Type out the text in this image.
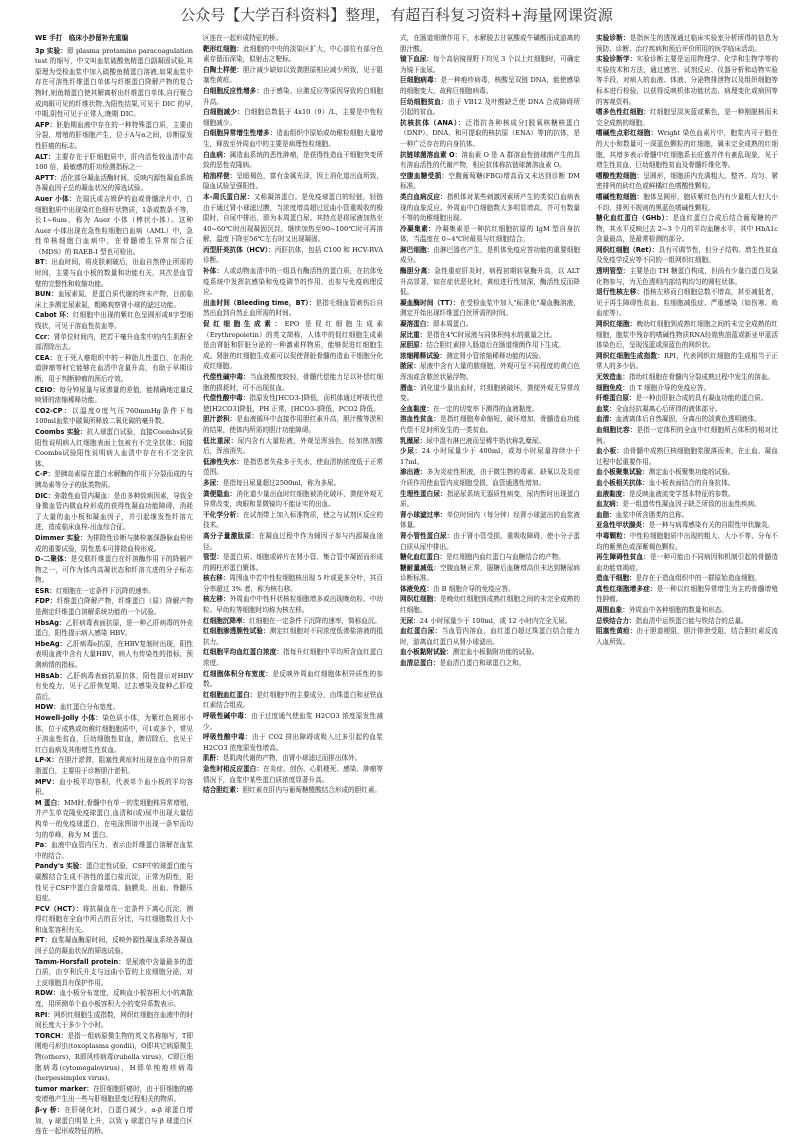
公众号【大学百科资料】整理，有超百科复习资料+海量网课资源
WE 手打　临床小抄留补充重编

3p 实验：即 plasma protamine paracoagulation test 的缩写，中文叫血浆硫酸鱼精蛋白副凝固试验,其原理为受检血浆中加入硫酸鱼精蛋白溶液,如果血浆中存在可溶性纤维蛋白单体与纤维蛋白降解产物的复合物时,则鱼精蛋白使其解离析出纤维蛋白单体,自行聚合成肉眼可见的纤维状物,为阳性结果,可见于 DIC 的早,中期,阴性可见于正常人,晚期 DIC。

AFP：胚胎期血液中存在的一种特殊蛋白质，主要由分裂，增殖的肝细胞产生，位于A与α之间，诊断原发性肝癌的标志。

ALT：主要存在于肝细胞质中，肝内活性较血清中高 100 倍，最敏感的肝功检测指标之一

APTT：活化部分凝血活酶时间，反映内源性凝血系统各凝血因子总的凝血状况的筛选试验。

Auer 小体：在瑞氏或吉姆萨的血或骨髓涂片中，白细胞胞质中出现染红色细杆状物质，1条或数条不等，长1~6um，称为 Auer 小体（棒状小体）。这种 Auer 小体出现在急性粒细胞白血病（AML）中，急性单核细胞白血病中，在骨髓增生异常综合征（MDS）的 RAEB-I 型也可检出。

BT：出血时间，将皮肤刺破后，出血自然停止所需的时间，主要与血小板的数量和功能有关，其次是血管壁的完整性和收缩功能。

BUN：血尿素氮，是蛋白质代谢的终末产物，目前临床上多测定尿素氮，粗略观察肾小球的滤过功能。

Cabot 环：红细胞中出现的紫红色呈圆形或8字型细线状，可见于溶血性贫血等。

Ccr：肾单位时间内，把若干毫升血浆中的内生肌酐全部清除出去。

CEA：在于死人癌组织中的一种胎儿性蛋白，在消化道肿瘤等时它能够在血清中含量升高，有助于早期诊断，用于判断肿瘤的预后疗效。

CEIO：每分钟尿量与尿渗量的差值，能精确地定量反映肾的浓缩稀释功能。

CO2-CP：以温度0度气压760mmHg条件下每100ml血浆中碳氧所释放二氧化碳的毫升数。

Coombs 实验：抗人球蛋白试验，直接Coombs试验阳性说明病人红细胞表面上包被有不完全抗体；间接Coombs试验阳性说明病人血清中存在有不完全抗体。

C-P：是胰岛素原在蛋白水解酶的作用下分裂而成的与胰岛素等分子的肽类物质。

DIC：弥散性血管内凝血：是由多种致病因素，导致全身微血管内微血栓形成的获得性凝血功能障碍，消耗了大量的血小板和凝血因子，并引起继发性纤溶亢进，造成临床血栓-出血综合征。

Dimmer 实验：为排除性诊断与肺栓塞深静脉血栓形成的重要试验，阴性基本可排除血栓形成。

D-二聚体：是交联纤维蛋白在纤溶酶作用下的降解产物之一，可作为体内高凝状态和纤溶亢进的分子标志物。

ESR：红细胞在一定条件下沉降的速率。

FDP：纤维蛋白降解产物，纤维蛋白（原）降解产物是测定纤维蛋白溶解系统功能的一个试验。

HbsAg：乙肝病毒表面抗原，是一种乙肝病毒的外壳蛋白，阳性提示病人感染 HBV。

HbeAg：乙肝病毒e抗原，在HBV复制时出现，阳性表明血液中含有大量HBV，病人有传染性的指标，预测病情的指标。

HBsAb：乙肝病毒表面抗原抗体，阳性提示对HBV有免疫力，见于乙肝恢复期、过去感染及接种乙肝疫苗后。

HDW：血红蛋白分布宽度。

Howell-Jolly 小体：染色质小体，为紫红色圆形小体，位于成熟或幼稚红细胞胞质中，可1或多个，常见于溶血性贫血，巨幼细胞性贫血，脾切除后，也见于红白血病及其他增生性贫血。

LP-X：在胆汁淤滞，阻塞性黄疸时出现在血中的异常脂蛋白，主要用于诊断胆汁淤积。

MPV：血小板平均容积，代表单个血小板的平均容积。

M 蛋白：MM时,骨髓中有单一的浆细胞株异常增殖，并产生单克隆免疫球蛋白,血清和(或)尿中出现大量结构单一的免疫球蛋白，在电泳图谱中出现一条窄而均匀的单峰，称为 M 蛋白。

Pa：血液中血管内压力，表示由纤维蛋白溶解在血浆中的结合。

Pandy's 实验：蛋白定性试验，CSF中的球蛋白能与碳酸结合生成不溶性的蛋白盐沉淀，正常为阴性，阳性见于CSF中蛋白含量增高，脑膜炎、出血、脊髓压迫症。

PCV（HCT）：将抗凝血在一定条件下离心沉淀，测得红细胞在全血中所占的百分比，与红细胞数目大小和血浆容积有关。

PT：血浆凝血酶原时间，反映外源性凝血系统各凝血因子总的凝血状况的筛选试验。

Tamm-Horsfall protein：是尿液中含量最多的蛋白质，由亨利氏升支与远曲小管的上皮细胞分泌，对上皮细胞具有保护作用。

RDW：血小板分布宽度，反映血小板容积大小的离散度，用所测单个血小板容积大小的变异系数表示。

RPI：网织红细胞生成指数，网织红细胞在血液中的时间长度大于多少个小时。

TORCH：是指一组病原微生物的英文名称缩写，T即刚地弓形虫(toxoplasma gondii)，O即其它病原微生物(others)，R即风疹病毒(rubella virus)，C即巨细胞病毒(cytomegalovirus)，H即单纯疱疹病毒(herpessimplex virus)。

tumor marker：在肝细胞肝癌时，由于肝细胞的癌变增殖产生出一些与肝细胞恶变过程相关的物质。

β-γ 桥：在肝硬化时，白蛋白减少，α-β 球蛋白增加，γ 球蛋白明显上升，以致 γ 球蛋白与 β 球蛋白区连在一起形成特征的桥。

区连在一起形成特征的桥。

靶形红细胞：此细胞的中央的淡染区扩大，中心部位有部分色素存留而深染，似射击之靶标。

白陶土样便：胆汁减少缺如以致粪胆原相应减少所致，见于阻塞性黄疸。

白细胞反应性增多：由于感染、应激反应等原因导致的白细胞升高。

白细胞减少：白细胞总数低于 4x10（9）/L，主要是中性粒细胞减少。

白细胞异常增生性增多：造血组织中原始或幼稚粒细胞大量增生，释放至外周血中的主要是病理性粒细胞。

白血病：属造血系统的恶性肿瘤，是获得性造血干细胞突变所致的恶性克隆病。

柏油样便：呈暗褐色，富有金属光泽，因上消化道出血所致，隐血试验呈强阳性。

本-周氏蛋白尿：又称凝溶蛋白。是免疫球蛋白的轻链，轻链由于通过肾小球滤过膜，当浓度增高超过近曲小管重吸收的极限时，自尿中排出，即为本周蛋白尿。其特点是将尿液加热至40~60℃时出现凝固沉淀，继续加热至90~100℃时可再溶解，温度下降至56℃左右时又出现凝固。

丙型肝炎抗体（HCV）：丙肝抗体，包括 C100 和 HCV-RVA 诊断。

补体：人或动物血清中的一组具有酶活性的蛋白质，在抗体免疫系统中发挥抗感染和免疫调节的作用，也参与免疫病理反应。

出血时间（Bleeding time，BT）：是指毛细血管刺伤后自然出血到自然止血所需的时间。

促红细胞生成素：EPO 是促红细胞生成素（Erythropoietin）的英文简称，人体中的促红细胞生成素是由肾脏和肝脏分泌的一种激素样物质，能够促进红细胞生成。肾脏的红细胞生成素可以促使肾脏骨髓的造血干细胞分化成红细胞。

代偿性碱中毒：当血液酸度较轻，骨髓代偿能力足以补偿红细胞的损耗时，可不出现贫血。

代偿性酸中毒：指原发性[HCO3-]降低，而机体通过呼吸代偿使[H2CO3]降低，PH 正常，[HCO3-]降低，PCO2 降低。

胆汁淤积：是血液循环中直接作用胆红素升高，胆汁酸等淤积的结果，使体内所需的胆汁功能障碍。

低比重尿：尿内含有大量粘液，外观呈浑浊色，经加热加酸后，浑浊消失。

低渗性失水：是指患者失盐多于失水，使血清钠浓度低于正常范围。

多尿：是指每日尿量超过2500ml，称为多尿。

粪便隐血：消化道少量出血时红细胞被消化破坏，粪便外观无异常改变，肉眼和显微镜均不能证实的出血。

干化学分析：在试剂带上加入标准物质，使之与试剂区反应的技术。

高分子量激肽原：在凝血过程中作为辅因子参与内源凝血途径。

管型：是蛋白质、细胞或碎片在肾小管、集合管中凝固而形成的圆柱形蛋白聚体。

核右移：周围血中若中性粒细胞核出现 5 叶或更多分叶，其百分率超过 3% 者，称为核右移。

核左移：外周血中中性杆状核粒细胞增多或出现晚幼粒、中幼粒、早幼粒等细胞时均称为核左移。

红细胞沉降率：红细胞在一定条件下沉降的速率，简称血沉。

红细胞渗透脆性试验：测定红细胞对不同浓度低渗盐溶液的抵抗力。

红细胞平均血红蛋白浓度：指每升红细胞中平均所含血红蛋白浓度。

红细胞体积分布宽度：是反映外周血红细胞体积异质性的参数。

红细胞血红蛋白：是红细胞中的主要成分，由珠蛋白和亚铁血红素结合组成。

呼吸性碱中毒：由于过度通气使血浆 H2CO3 浓度原发性减少。

呼吸性酸中毒：由于 CO2 排出障碍或吸入过多引起的血浆 H2CO3 浓度原发性增高。

肌酐：是肌肉代谢的产物，由肾小球滤过而排出体外。

急性时相反应蛋白：在炎症、创伤、心肌梗死、感染、肿瘤等情况下，血浆中某些蛋白质浓度显著升高。

结合胆红素：胆红素在肝内与葡萄糖醛酸结合形成的胆红素。

式，在肠道细菌作用下，水解脱去甘氨酸或牛磺酸而成游离的胆汁酸。

镜下血尿：每个高倍镜视野下均见 3 个以上红细胞时，可确定为镜下血尿。

巨细胞病毒：是一种疱疹病毒，核酸呈双链 DNA，能使感染的细胞变大，故称巨细胞病毒。

巨幼细胞贫血：由于 VB12 及叶酸缺乏使 DNA 合成障碍所引起的贫血。

抗核抗体（ANA）：泛指抗各种核成分[脱氧核糖核蛋白（DNP）、DNA、和可提取的核抗原（ENA）等]的抗体，是一种广泛存在的自身抗体。

抗链球菌溶血素 O：溶血素 O 是 A 群溶血性链球菌产生的具有溶血活性的代谢产物，相应抗体称抗链球菌溶血素 O。

空腹血糖受损：空腹葡萄糖(FBG)增高而又未达到诊断 DM 标准。

类白血病反应：指机体对某些刺激因素所产生的类似白血病表现的血象反应。外周血中白细胞数大多明显增高，并可有数量不等的幼稚细胞出现。

冷凝集素：冷凝集素是一种抗红细胞抗原的 IgM 型自身抗体，当温度在 0~4℃时最易与红细胞结合。

淋巴细胞：由淋巴器官产生，是机体免疫应答功能的重要细胞成分。

酶胆分离：急性重症肝炎时，病程初期转氨酶升高，以 ALT 升高显著，如在症状恶化时，黄疸进行性加深，酶活性反而降低。

凝血酶时间（TT）：在受检血浆中加入"标准化"凝血酶溶液，测定开始出现纤维蛋白丝所需的时间。

凝溶蛋白：即本周蛋白。

尿比重：是指在4℃时尿液与同体积纯水的重量之比。

尿胆原：结合胆红素排入肠道后在肠道细菌作用下生成。

浓缩稀释试验：测定肾小管浓缩稀释功能的试验。

脓尿：尿液中含有大量的脓细胞，外观可呈不同程度的黄白色浑浊或含脓丝状悬浮物。

潜血：消化道少量出血时，红细胞被破坏，粪便外观无异常改变。

全血黏度：在一定的切变率下测得的血液黏度。

溶血性贫血：是指红细胞寿命缩短、破坏增加，骨髓造血功能代偿不足时所发生的一类贫血。

乳糜尿：尿中混有淋巴液而呈稀牛奶状称乳糜尿。

少尿：24 小时尿量少于 400ml，或每小时尿量持续小于 17ml。

渗出液：多为炎症性积液，由于微生物的毒素、缺氧以及炎症介质作用使血管内皮细胞受损，血管通透性增加。

生理性蛋白尿：指泌尿系统无器质性病变，尿内暂时出现蛋白质。

肾小球滤过率：单位时间内（每分钟）经肾小球滤出的血浆液体量。

肾小管性蛋白尿：由于肾小管受损，重吸收障碍，使小分子蛋白质从尿中排出。

糖化血红蛋白：是红细胞内血红蛋白与血糖结合的产物。

糖耐量减低：空腹血糖正常，服糖后血糖增高但未达到糖尿病诊断标准。

体液免疫：由 B 细胞介导的免疫应答。

网织红细胞：是晚幼红细胞到成熟红细胞之间的未完全成熟的红细胞。

无尿：24 小时尿量少于 100ml，或 12 小时内完全无尿。

血红蛋白尿：当血管内溶血，血红蛋白超过珠蛋白结合能力时，游离血红蛋白从肾小球滤出。

血小板黏附试验：测定血小板黏附功能的试验。

血清总蛋白：是血清白蛋白和球蛋白之和。

实验诊断：是指医生的透视通过临床实验室分析所得的信息为预防、诊断、治疗疾病和预后评价所用的医学临床活动。

实验诊断学：实验诊断主要是运用物理学、化学和生物学等的实验技术和方法，通过感官、试剂反应、仪器分析和动物实验等手段，对病人的血液、体液、分泌物排泄物以及组织细胞等标本进行检验，以获得反映机体功能状态、病理变化或病因等的客观资料。

嗜多色性红细胞：红细胞呈淡灰蓝或紫色，是一种刚脱核而未完全成熟的细胞。

嗜碱性点彩红细胞：Wright 染色血素片中，胞浆内可于胞在的大小和数量可一深蓝色颗粒的红细胞，属未完全成熟的红细胞，其增多表示骨髓中红细胞系长旺盛并伴有紊乱现象，见于增生性贫血、巨幼细胞性贫血及骨髓纤维化等。

嗜酸性粒细胞：呈圆形，细胞质内充满粗大、整齐、均匀、紧密排列的砖红色或鲜橘红色嗜酸性颗粒。

嗜碱性粒细胞：胞体呈圆形，胞质紫红色内有少量粗大但大小不均、排列不规则的黑蓝色嗜碱性颗粒。

糖化血红蛋白（GHb）：是血红蛋白合成后结合葡萄糖的产物，其水平反映过去 2~3 个月的平均血糖水平，其中 HbA1c 含量最高，是最常检测的部分。

网织红细胞（Ret）：具有可调节性，但分子结构、增生性贫血及免疫学反应等不同的一组网织红细胞。

透明管型：主要是由 TH 糖蛋白构成，但尚有少量白蛋白及氯化物参与，为无色透明内部结构均匀的圆柱状体。

退行性核左移：指核左移而白细胞总数不增高，甚至减低者，见于再生障碍性贫血、粒细胞减低症、严重感染（如伤寒、败血症等）。

网织红细胞：晚幼红细胞到成熟红细胞之间的未完全成熟的红细胞，胞浆中残存的嗜碱性物质RNA经煌焦油蓝或新亚甲蓝活体染色后，呈现浅蓝或深蓝色的网织状。

网织红细胞生成指数：RPI，代表网织红细胞的生成相当于正常人的多少倍。

无效造血：指幼红细胞在骨髓内分裂成熟过程中发生的溶血。

细胞免疫：由 T 细胞介导的免疫应答。

纤维蛋白原：是一种由肝脏合成的具有凝血功能的蛋白质。

血浆：全血经抗凝离心后所得的液体部分。

血清：血液离体后自然凝固，分离出的淡黄色透明液体。

血细胞比容：是指一定体积的全血中红细胞所占体积的相对比例。

血小板：由骨髓中成熟巨核细胞胞浆脱落而来，在止血、凝血过程中起重要作用。

血小板聚集试验：测定血小板聚集功能的试验。

血小板相关抗体：血小板表面结合的自身抗体。

血液黏度：是反映血液流变学基本特征的参数。

血友病：是一组遗传性凝血因子缺乏所致的出血性疾病。

血脂：血浆中所含脂类的总称。

亚急性甲状腺炎：是一种与病毒感染有关的自限性甲状腺炎。

中毒颗粒：中性粒细胞胞质中出现的粗大、大小不等、分布不均的紫黑色或深紫褐色颗粒。

再生障碍性贫血：是一种可能由不同病因和机制引起的骨髓造血功能衰竭症。

造血干细胞：是存在于造血组织中的一群原始造血细胞。

真性红细胞增多症：是一种以红细胞异常增生为主的骨髓增殖性肿瘤。

周围血象：外周血中各种细胞的数量和形态。

总铁结合力：指血清中运铁蛋白能与铁结合的总量。

阻塞性黄疸：由于胆道梗阻，胆汁排泄受阻，结合胆红素反流入血所致。
